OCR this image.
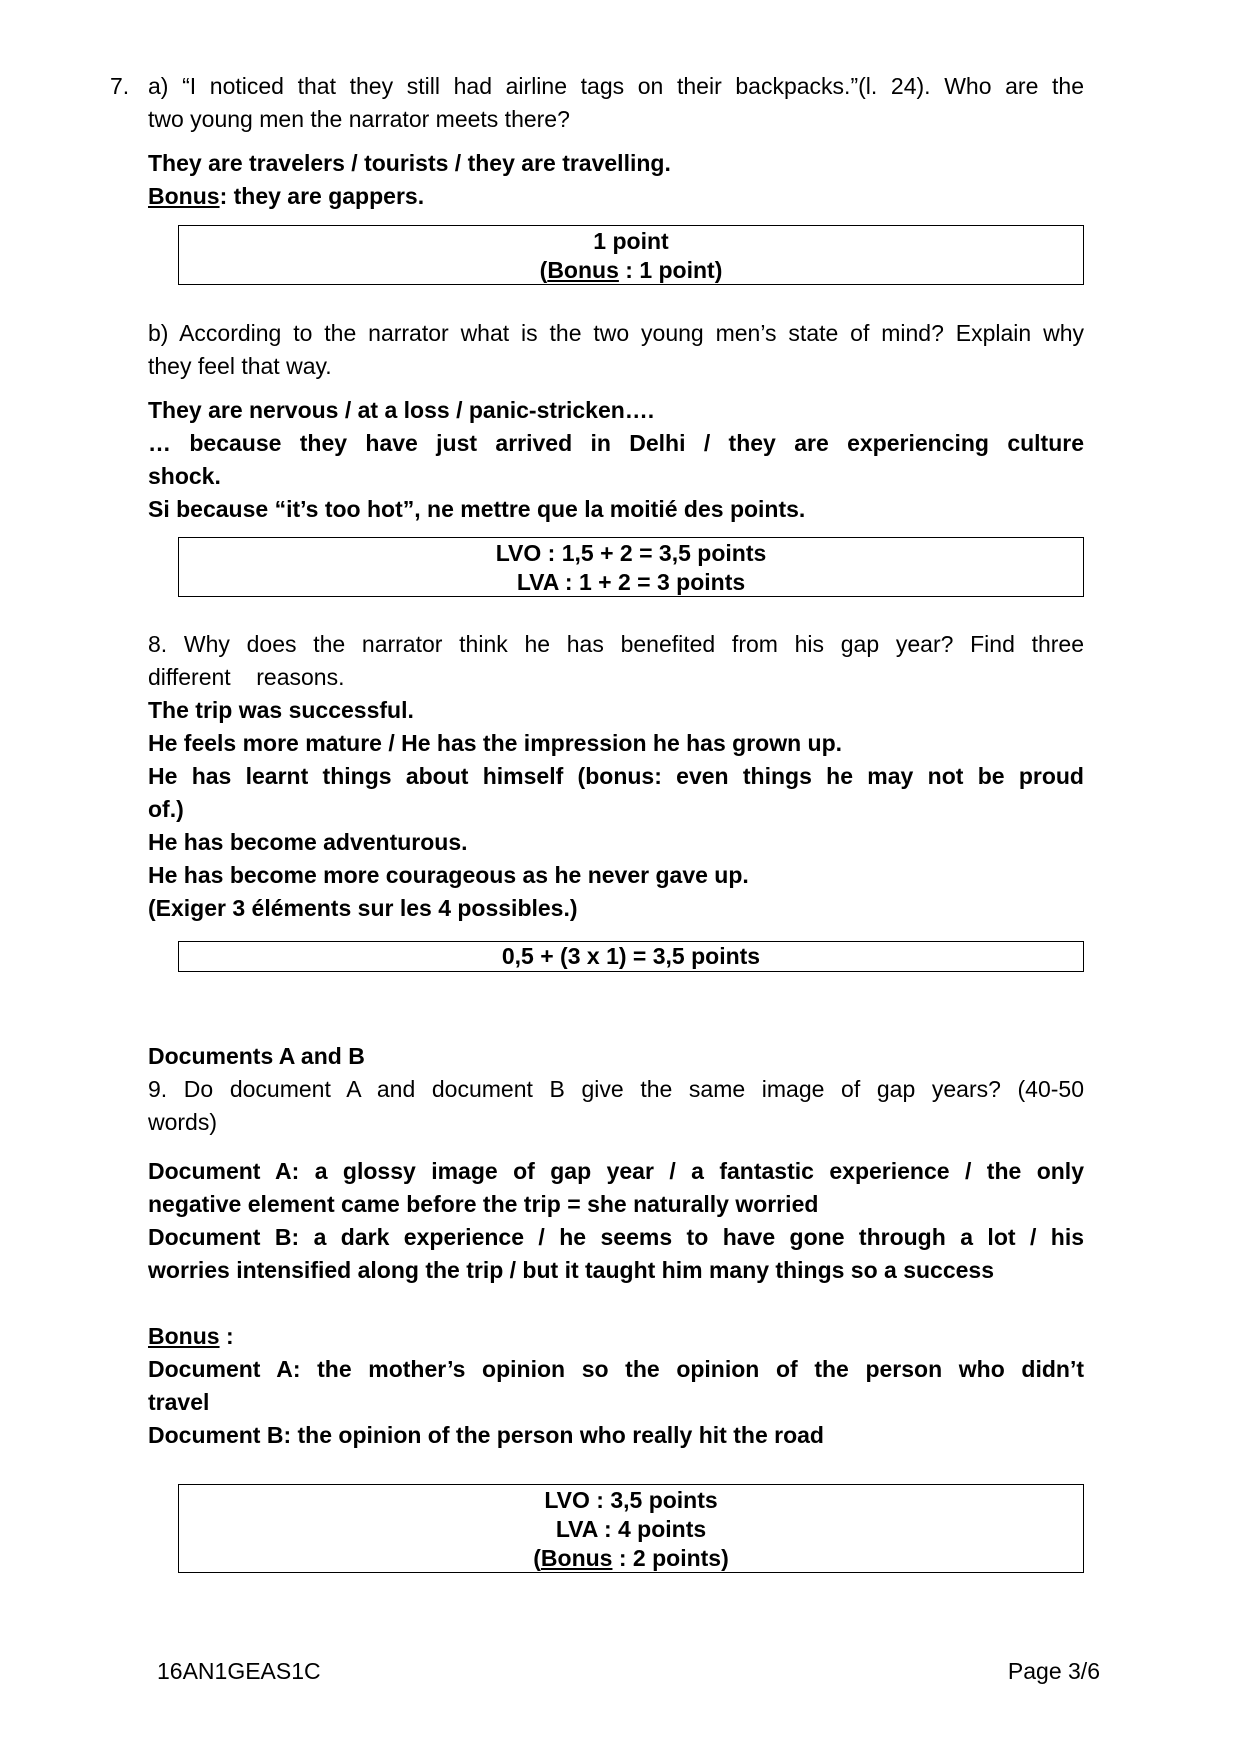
7. a) “I noticed that they still had airline tags on their backpacks.”(l. 24). Who are the
two young men the narrator meets there?
They are travelers / tourists / they are travelling.
Bonus: they are gappers.
1 point
(Bonus : 1 point)
b) According to the narrator what is the two young men’s state of mind? Explain why
they feel that way.
They are nervous / at a loss / panic-stricken….
… because they have just arrived in Delhi / they are experiencing culture
shock.
Si because “it’s too hot”, ne mettre que la moitié des points.
LVO : 1,5 + 2 = 3,5 points
LVA : 1 + 2 = 3 points
8. Why does the narrator think he has benefited from his gap year? Find three
different    reasons.
The trip was successful.
He feels more mature / He has the impression he has grown up.
He has learnt things about himself (bonus: even things he may not be proud
of.)
He has become adventurous.
He has become more courageous as he never gave up.
(Exiger 3 éléments sur les 4 possibles.)
0,5 + (3 x 1) = 3,5 points
Documents A and B
9. Do document A and document B give the same image of gap years? (40-50
words)
Document A: a glossy image of gap year / a fantastic experience / the only
negative element came before the trip = she naturally worried
Document B: a dark experience / he seems to have gone through a lot / his
worries intensified along the trip / but it taught him many things so a success
Bonus :
Document A: the mother’s opinion so the opinion of the person who didn’t
travel
Document B: the opinion of the person who really hit the road
LVO : 3,5 points
LVA : 4 points
(Bonus : 2 points)
16AN1GEAS1C	Page 3/6
